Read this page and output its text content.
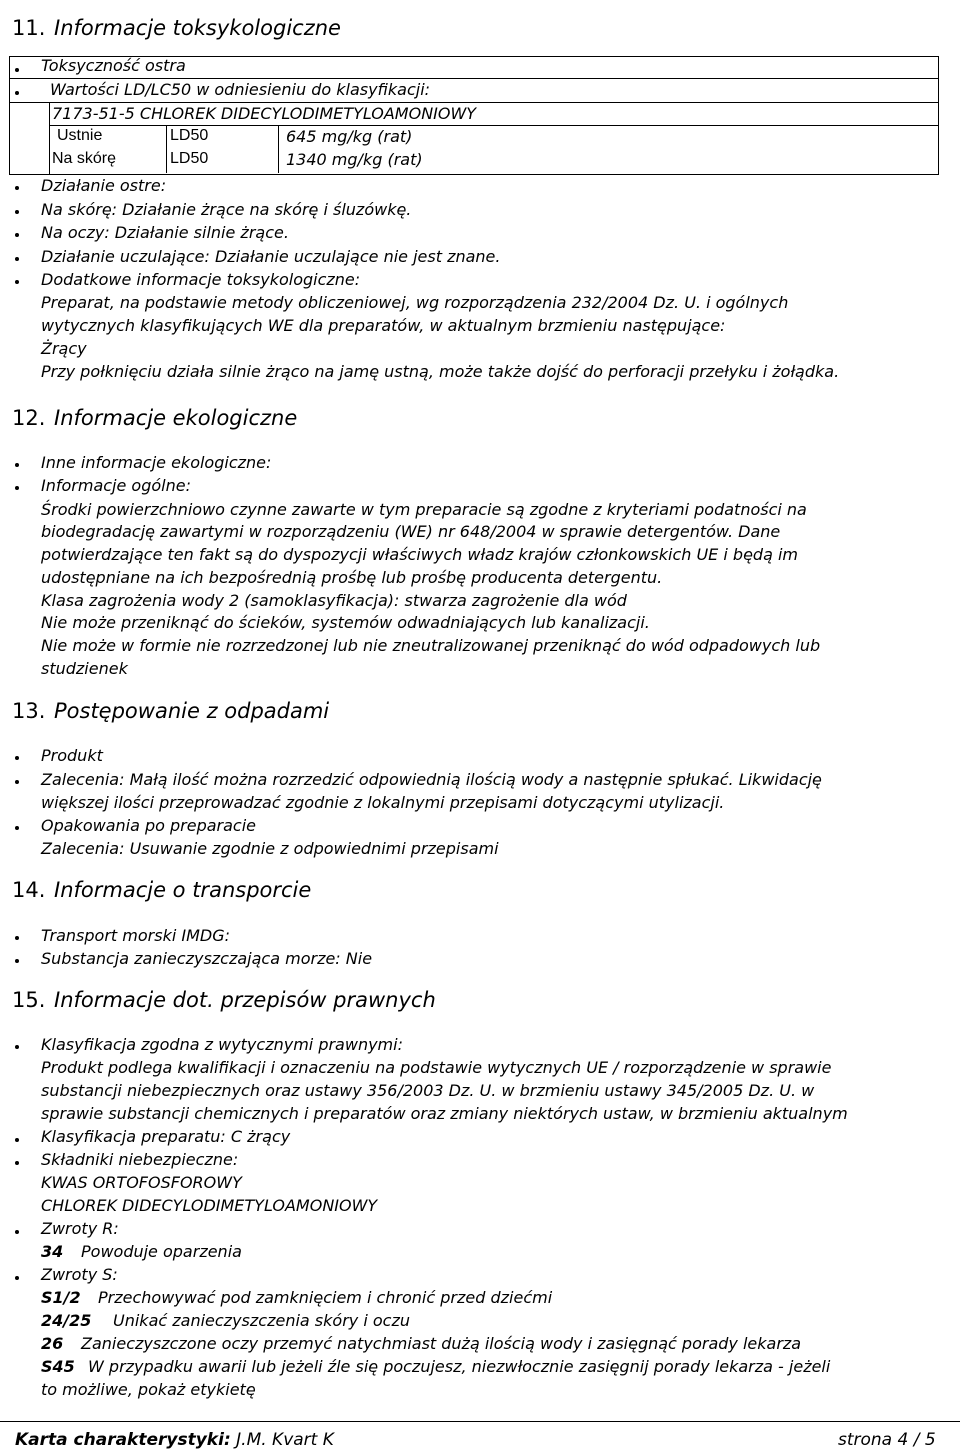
11. Informacje toksykologiczne
Toksyczność ostra
Wartości LD/LC50 w odniesieniu do klasyfikacji:
7173-51-5 CHLOREK DIDECYLODIMETYLOAMONIOWY
Ustnie	LD50	645 mg/kg (rat)
Na skórę	LD50	1340 mg/kg (rat)
Działanie ostre:
Na skórę: Działanie żrące na skórę i śluzówkę.
Na oczy: Działanie silnie żrące.
Działanie uczulające: Działanie uczulające nie jest znane.
Dodatkowe informacje toksykologiczne:
Preparat, na podstawie metody obliczeniowej, wg rozporządzenia 232/2004 Dz. U. i ogólnych
wytycznych klasyfikujących WE dla preparatów, w aktualnym brzmieniu następujące:
Żrący
Przy połknięciu działa silnie żrąco na jamę ustną, może także dojść do perforacji przełyku i żołądka.
12. Informacje ekologiczne
Inne informacje ekologiczne:
Informacje ogólne:
Środki powierzchniowo czynne zawarte w tym preparacie są zgodne z kryteriami podatności na
biodegradację zawartymi w rozporządzeniu (WE) nr 648/2004 w sprawie detergentów. Dane
potwierdzające ten fakt są do dyspozycji właściwych władz krajów członkowskich UE i będą im
udostępniane na ich bezpośrednią prośbę lub prośbę producenta detergentu.
Klasa zagrożenia wody 2 (samoklasyfikacja): stwarza zagrożenie dla wód
Nie może przeniknąć do ścieków, systemów odwadniających lub kanalizacji.
Nie może w formie nie rozrzedzonej lub nie zneutralizowanej przeniknąć do wód odpadowych lub
studzienek
13. Postępowanie z odpadami
Produkt
Zalecenia: Małą ilość można rozrzedzić odpowiednią ilością wody a następnie spłukać. Likwidację
większej ilości przeprowadzać zgodnie z lokalnymi przepisami dotyczącymi utylizacji.
Opakowania po preparacie
Zalecenia: Usuwanie zgodnie z odpowiednimi przepisami
14. Informacje o transporcie
Transport morski IMDG:
Substancja zanieczyszczająca morze: Nie
15. Informacje dot. przepisów prawnych
Klasyfikacja zgodna z wytycznymi prawnymi:
Produkt podlega kwalifikacji i oznaczeniu na podstawie wytycznych UE / rozporządzenie w sprawie
substancji niebezpiecznych oraz ustawy 356/2003 Dz. U. w brzmieniu ustawy 345/2005 Dz. U. w
sprawie substancji chemicznych i preparatów oraz zmiany niektórych ustaw, w brzmieniu aktualnym
Klasyfikacja preparatu: C żrący
Składniki niebezpieczne:
KWAS ORTOFOSFOROWY
CHLOREK DIDECYLODIMETYLOAMONIOWY
Zwroty R:
34 Powoduje oparzenia
Zwroty S:
S1/2 Przechowywać pod zamknięciem i chronić przed dziećmi
24/25 Unikać zanieczyszczenia skóry i oczu
26 Zanieczyszczone oczy przemyć natychmiast dużą ilością wody i zasięgnąć porady lekarza
S45 W przypadku awarii lub jeżeli źle się poczujesz, niezwłocznie zasięgnij porady lekarza - jeżeli
to możliwe, pokaż etykietę
Karta charakterystyki: J.M. Kvart K	strona 4 / 5
